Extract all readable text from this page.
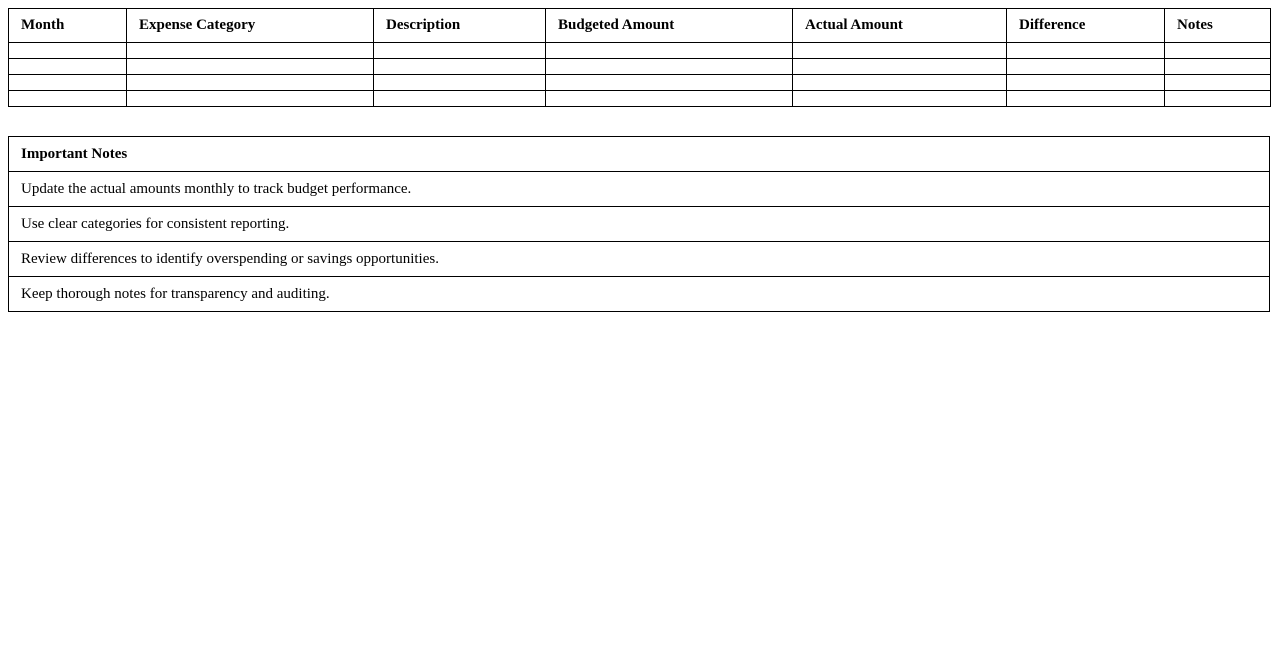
Month	Expense Category	Description	Budgeted Amount	Actual Amount	Difference	Notes

Important Notes
Update the actual amounts monthly to track budget performance.
Use clear categories for consistent reporting.
Review differences to identify overspending or savings opportunities.
Keep thorough notes for transparency and auditing.
